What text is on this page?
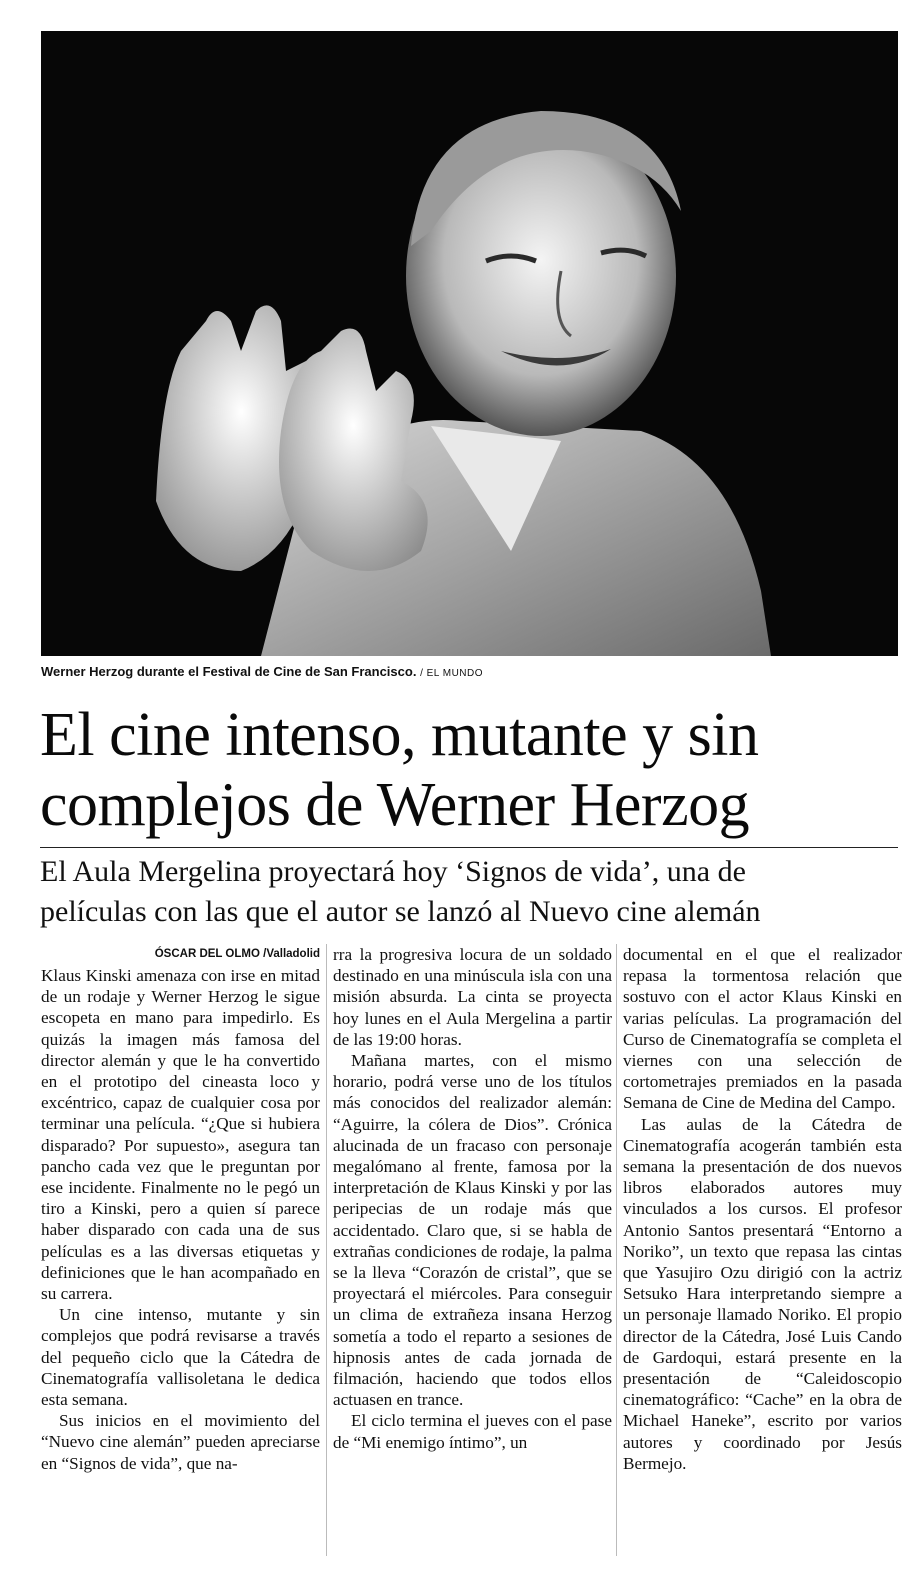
Werner Herzog durante el Festival de Cine de San Francisco. / EL MUNDO
El cine intenso, mutante y sin
complejos de Werner Herzog
El Aula Mergelina proyectará hoy ‘Signos de vida’, una de
películas con las que el autor se lanzó al Nuevo cine alemán
ÓSCAR DEL OLMO /Valladolid

Klaus Kinski amenaza con irse en mitad de un rodaje y Werner Herzog le sigue escopeta en mano para impedirlo. Es quizás la imagen más famosa del director alemán y que le ha convertido en el prototipo del cineasta loco y excéntrico, capaz de cualquier cosa por terminar una película. “¿Que si hubiera disparado? Por supuesto», asegura tan pancho cada vez que le preguntan por ese incidente. Finalmente no le pegó un tiro a Kinski, pero a quien sí parece haber disparado con cada una de sus películas es a las diversas etiquetas y definiciones que le han acompañado en su carrera.

Un cine intenso, mutante y sin complejos que podrá revisarse a través del pequeño ciclo que la Cátedra de Cinematografía vallisoletana le dedica esta semana.

Sus inicios en el movimiento del “Nuevo cine alemán” pueden apreciarse en “Signos de vida”, que na-

rra la progresiva locura de un soldado destinado en una minúscula isla con una misión absurda. La cinta se proyecta hoy lunes en el Aula Mergelina a partir de las 19:00 horas.

Mañana martes, con el mismo horario, podrá verse uno de los títulos más conocidos del realizador alemán: “Aguirre, la cólera de Dios”. Crónica alucinada de un fracaso con personaje megalómano al frente, famosa por la interpretación de Klaus Kinski y por las peripecias de un rodaje más que accidentado. Claro que, si se habla de extrañas condiciones de rodaje, la palma se la lleva “Corazón de cristal”, que se proyectará el miércoles. Para conseguir un clima de extrañeza insana Herzog sometía a todo el reparto a sesiones de hipnosis antes de cada jornada de filmación, haciendo que todos ellos actuasen en trance.

El ciclo termina el jueves con el pase de “Mi enemigo íntimo”, un

documental en el que el realizador repasa la tormentosa relación que sostuvo con el actor Klaus Kinski en varias películas. La programación del Curso de Cinematografía se completa el viernes con una selección de cortometrajes premiados en la pasada Semana de Cine de Medina del Campo.

Las aulas de la Cátedra de Cinematografía acogerán también esta semana la presentación de dos nuevos libros elaborados autores muy vinculados a los cursos. El profesor Antonio Santos presentará “Entorno a Noriko”, un texto que repasa las cintas que Yasujiro Ozu dirigió con la actriz Setsuko Hara interpretando siempre a un personaje llamado Noriko. El propio director de la Cátedra, José Luis Cando de Gardoqui, estará presente en la presentación de “Caleidoscopio cinematográfico: “Cache” en la obra de Michael Haneke”, escrito por varios autores y coordinado por Jesús Bermejo.
